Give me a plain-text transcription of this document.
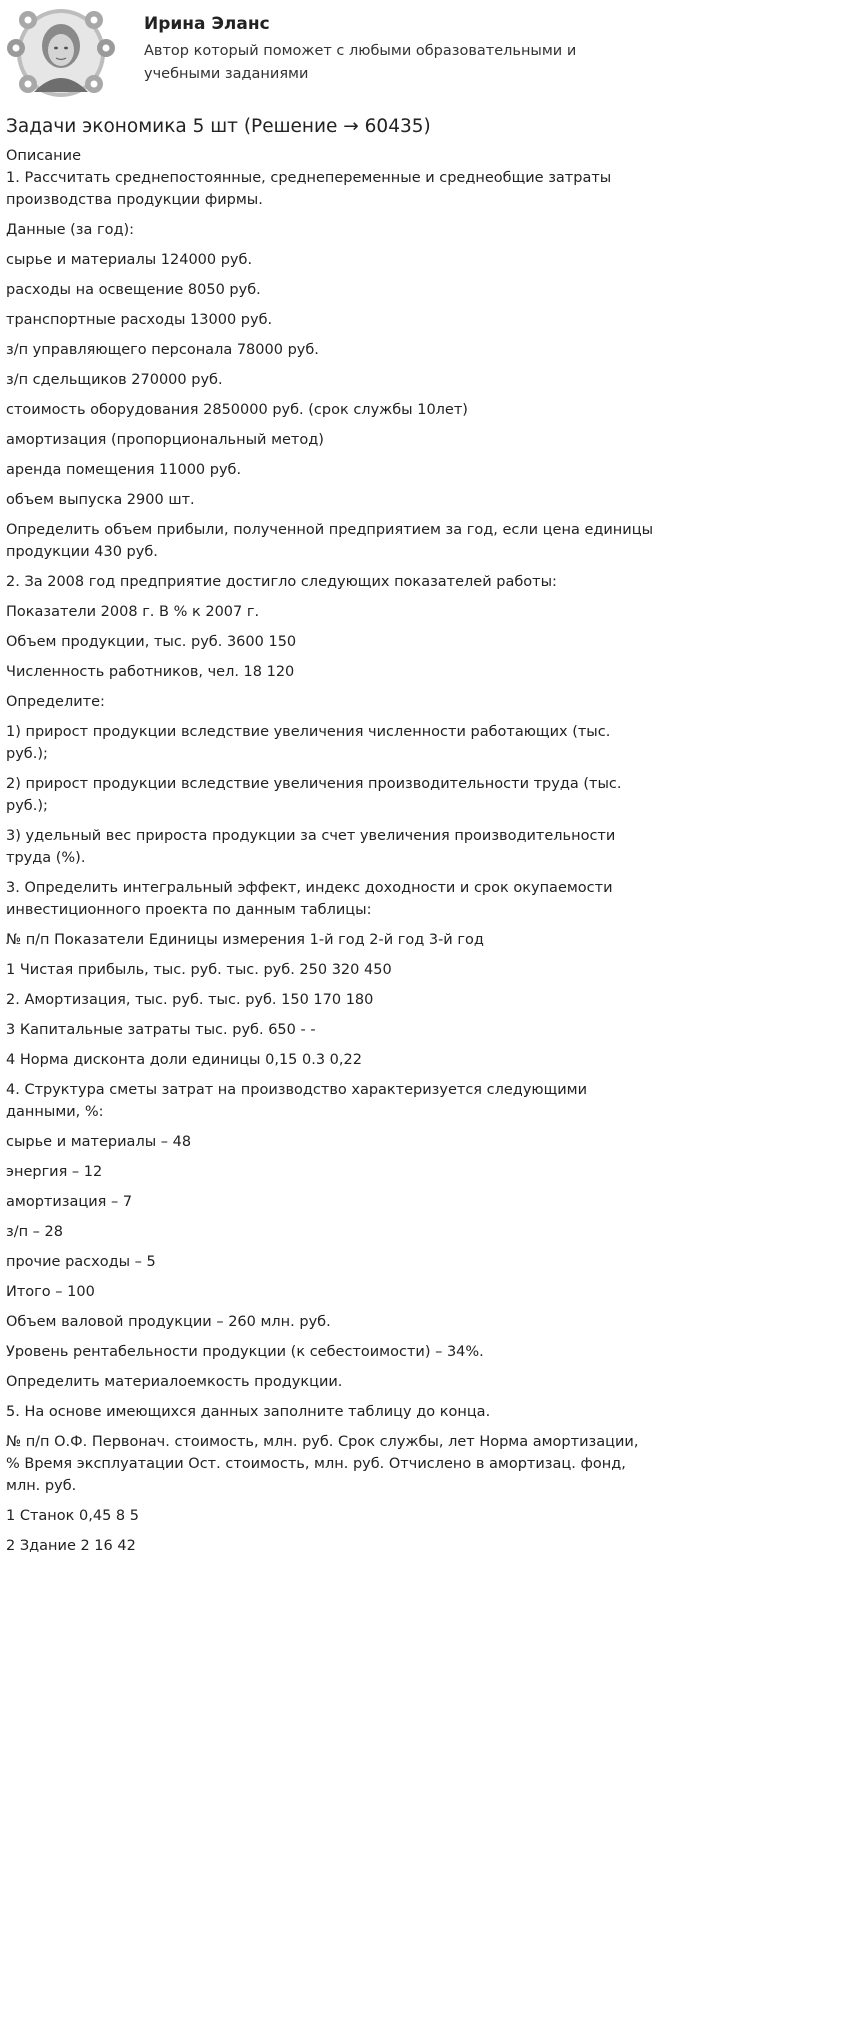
Ирина Эланс
Автор который поможет с любыми образовательными и учебными заданиями
Задачи экономика 5 шт (Решение → 60435)
Описание

1. Рассчитать среднепостоянные, среднепеременные и среднеобщие затраты производства продукции фирмы.

Данные (за год):

сырье и материалы 124000 руб.

расходы на освещение 8050 руб.

транспортные расходы 13000 руб.

з/п управляющего персонала 78000 руб.

з/п сдельщиков 270000 руб.

стоимость оборудования 2850000 руб. (срок службы 10лет)

амортизация (пропорциональный метод)

аренда помещения 11000 руб.

объем выпуска 2900 шт.

Определить объем прибыли, полученной предприятием за год, если цена единицы продукции 430 руб.

2. За 2008 год предприятие достигло следующих показателей работы:

Показатели 2008 г. В % к 2007 г.

Объем продукции, тыс. руб. 3600 150

Численность работников, чел. 18 120

Определите:

1) прирост продукции вследствие увеличения численности работающих (тыс. руб.);

2) прирост продукции вследствие увеличения производительности труда (тыс. руб.);

3) удельный вес прироста продукции за счет увеличения производительности труда (%).

3. Определить интегральный эффект, индекс доходности и срок окупаемости инвестиционного проекта по данным таблицы:

№ п/п Показатели Единицы измерения 1-й год 2-й год 3-й год

1 Чистая прибыль, тыс. руб. тыс. руб. 250 320 450

2. Амортизация, тыс. руб. тыс. руб. 150 170 180

3 Капитальные затраты тыс. руб. 650 - -

4 Норма дисконта доли единицы 0,15 0.3 0,22

4. Структура сметы затрат на производство характеризуется следующими данными, %:

сырье и материалы – 48

энергия – 12

амортизация – 7

з/п – 28

прочие расходы – 5

Итого – 100

Объем валовой продукции – 260 млн. руб.

Уровень рентабельности продукции (к себестоимости) – 34%.

Определить материалоемкость продукции.

5. На основе имеющихся данных заполните таблицу до конца.

№ п/п О.Ф. Первонач. стоимость, млн. руб. Срок службы, лет Норма амортизации, % Время эксплуатации Ост. стоимость, млн. руб. Отчислено в амортизац. фонд, млн. руб.

1 Станок 0,45 8 5

2 Здание 2 16 42
